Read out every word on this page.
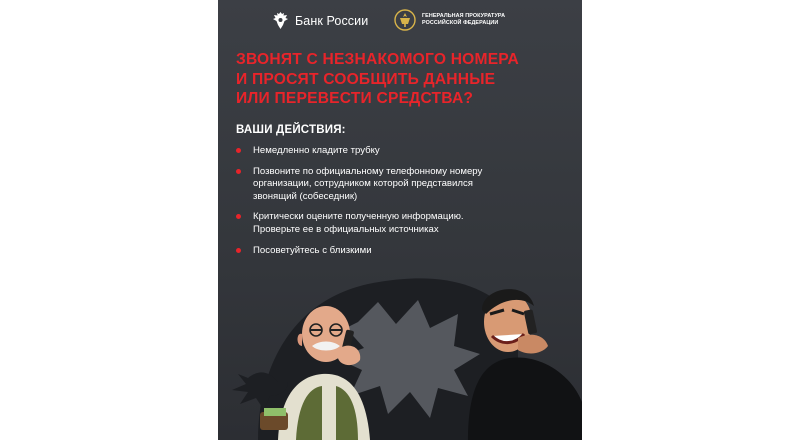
Банк России	ГЕНЕРАЛЬНАЯ ПРОКУРАТУРА
РОССИЙСКОЙ ФЕДЕРАЦИИ
ЗВОНЯТ С НЕЗНАКОМОГО НОМЕРА
И ПРОСЯТ СООБЩИТЬ ДАННЫЕ
ИЛИ ПЕРЕВЕСТИ СРЕДСТВА?
ВАШИ ДЕЙСТВИЯ:
Немедленно кладите трубку
Позвоните по официальному телефонному номеру
организации, сотрудником которой представился
звонящий (собеседник)
Критически оцените полученную информацию.
Проверьте ее в официальных источниках
Посоветуйтесь с близкими
